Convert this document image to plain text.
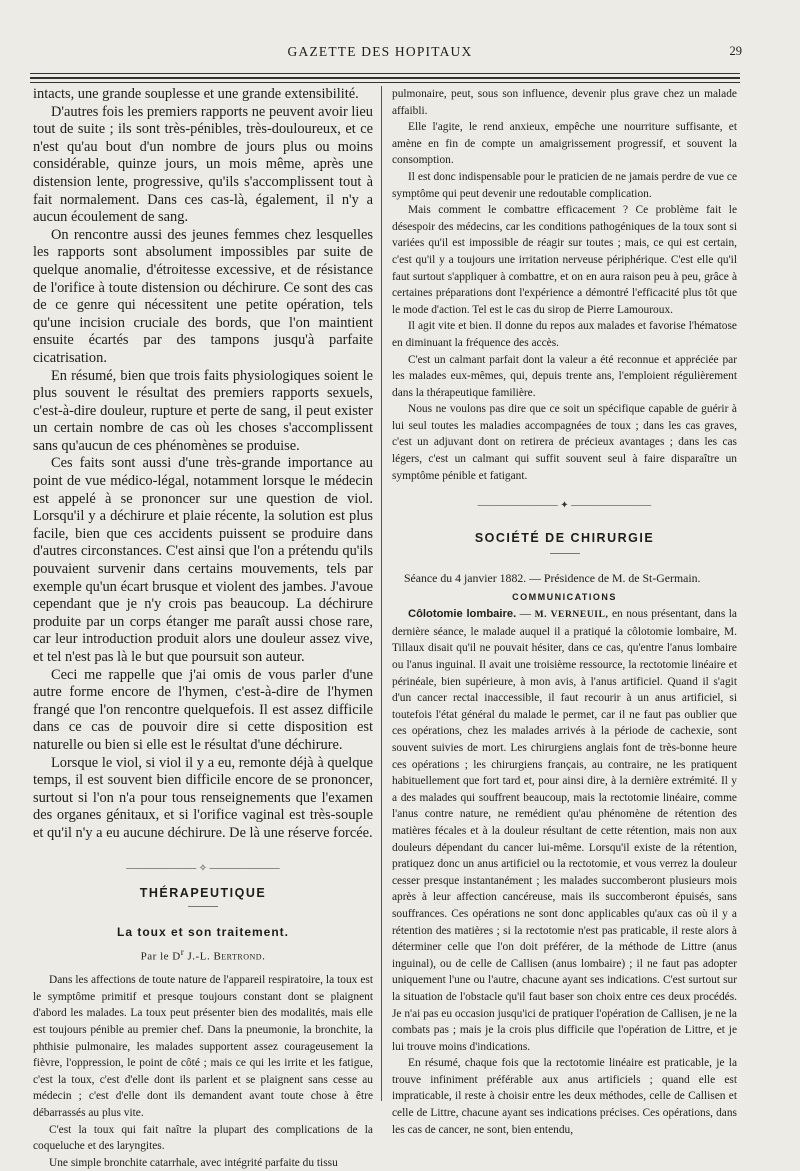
GAZETTE DES HOPITAUX	29

intacts, une grande souplesse et une grande extensibilité.

D'autres fois les premiers rapports ne peuvent avoir lieu tout de suite ; ils sont très-pénibles, très-douloureux, et ce n'est qu'au bout d'un nombre de jours plus ou moins considérable, quinze jours, un mois même, après une distension lente, progressive, qu'ils s'accomplissent tout à fait normalement. Dans ces cas-là, également, il n'y a aucun écoulement de sang.

On rencontre aussi des jeunes femmes chez lesquelles les rapports sont absolument impossibles par suite de quelque anomalie, d'étroitesse excessive, et de résistance de l'orifice à toute distension ou déchirure. Ce sont des cas de ce genre qui nécessitent une petite opération, tels qu'une incision cruciale des bords, que l'on maintient ensuite écartés par des tampons jusqu'à parfaite cicatrisation.

En résumé, bien que trois faits physiologiques soient le plus souvent le résultat des premiers rapports sexuels, c'est-à-dire douleur, rupture et perte de sang, il peut exister un certain nombre de cas où les choses s'accomplissent sans qu'aucun de ces phénomènes se produise.

Ces faits sont aussi d'une très-grande importance au point de vue médico-légal, notamment lorsque le médecin est appelé à se prononcer sur une question de viol. Lorsqu'il y a déchirure et plaie récente, la solution est plus facile, bien que ces accidents puissent se produire dans d'autres circonstances. C'est ainsi que l'on a prétendu qu'ils pouvaient survenir dans certains mouvements, tels par exemple qu'un écart brusque et violent des jambes. J'avoue cependant que je n'y crois pas beaucoup. La déchirure produite par un corps étanger me paraît aussi chose rare, car leur introduction produit alors une douleur assez vive, et tel n'est pas là le but que poursuit son auteur.

Ceci me rappelle que j'ai omis de vous parler d'une autre forme encore de l'hymen, c'est-à-dire de l'hymen frangé que l'on rencontre quelquefois. Il est assez difficile dans ce cas de pouvoir dire si cette disposition est naturelle ou bien si elle est le résultat d'une déchirure.

Lorsque le viol, si viol il y a eu, remonte déjà à quelque temps, il est souvent bien difficile encore de se prononcer, surtout si l'on n'a pour tous renseignements que l'examen des organes génitaux, et si l'orifice vaginal est très-souple et qu'il n'y a eu aucune déchirure. De là une réserve forcée.

——————— ✧ ———————
THÉRAPEUTIQUE
La toux et son traitement.
Par le $D^r$ J.-L. Bertrond.

Dans les affections de toute nature de l'appareil respiratoire, la toux est le symptôme primitif et presque toujours constant dont se plaignent d'abord les malades. La toux peut présenter bien des modalités, mais elle est toujours pénible au premier chef. Dans la pneumonie, la bronchite, la phthisie pulmonaire, les malades supportent assez courageusement la fièvre, l'oppression, le point de côté ; mais ce qui les irrite et les fatigue, c'est la toux, c'est d'elle dont ils parlent et se plaignent sans cesse au médecin ; c'est d'elle dont ils demandent avant toute chose à être débarrassés au plus vite.

C'est la toux qui fait naître la plupart des complications de la coqueluche et des laryngites.

Une simple bronchite catarrhale, avec intégrité parfaite du tissu

pulmonaire, peut, sous son influence, devenir plus grave chez un malade affaibli.

Elle l'agite, le rend anxieux, empêche une nourriture suffisante, et amène en fin de compte un amaigrissement progressif, et souvent la consomption.

Il est donc indispensable pour le praticien de ne jamais perdre de vue ce symptôme qui peut devenir une redoutable complication.

Mais comment le combattre efficacement ? Ce problème fait le désespoir des médecins, car les conditions pathogéniques de la toux sont si variées qu'il est impossible de réagir sur toutes ; mais, ce qui est certain, c'est qu'il y a toujours une irritation nerveuse périphérique. C'est elle qu'il faut surtout s'appliquer à combattre, et on en aura raison peu à peu, grâce à certaines préparations dont l'expérience a démontré l'efficacité plus tôt que le mode d'action. Tel est le cas du sirop de Pierre Lamouroux.

Il agit vite et bien. Il donne du repos aux malades et favorise l'hématose en diminuant la fréquence des accès.

C'est un calmant parfait dont la valeur a été reconnue et appréciée par les malades eux-mêmes, qui, depuis trente ans, l'emploient régulièrement dans la thérapeutique familière.

Nous ne voulons pas dire que ce soit un spécifique capable de guérir à lui seul toutes les maladies accompagnées de toux ; dans les cas graves, c'est un adjuvant dont on retirera de précieux avantages ; dans les cas légers, c'est un calmant qui suffit souvent seul à faire disparaître un symptôme pénible et fatigant.

———————— ✦ ————————
SOCIÉTÉ DE CHIRURGIE

Séance du 4 janvier 1882. — Présidence de M. de St-Germain.

COMMUNICATIONS

Côlotomie lombaire. — M. VERNEUIL, en nous présentant, dans la dernière séance, le malade auquel il a pratiqué la côlotomie lombaire, M. Tillaux disait qu'il ne pouvait hésiter, dans ce cas, qu'entre l'anus lombaire ou l'anus inguinal. Il avait une troisième ressource, la rectotomie linéaire et périnéale, bien supérieure, à mon avis, à l'anus artificiel. Quand il s'agit d'un cancer rectal inaccessible, il faut recourir à un anus artificiel, si toutefois l'état général du malade le permet, car il ne faut pas oublier que ces opérations, chez les malades arrivés à la période de cachexie, sont souvent suivies de mort. Les chirurgiens anglais font de très-bonne heure ces opérations ; les chirurgiens français, au contraire, ne les pratiquent habituellement que fort tard et, pour ainsi dire, à la dernière extrémité. Il y a des malades qui souffrent beaucoup, mais la rectotomie linéaire, comme l'anus contre nature, ne remédient qu'au phénomène de rétention des matières fécales et à la douleur résultant de cette rétention, mais non aux douleurs dépendant du cancer lui-même. Lorsqu'il existe de la rétention, pratiquez donc un anus artificiel ou la rectotomie, et vous verrez la douleur cesser presque instantanément ; les malades succomberont plusieurs mois après à leur affection cancéreuse, mais ils succomberont épuisés, sans souffrances. Ces opérations ne sont donc applicables qu'aux cas où il y a rétention des matières ; si la rectotomie n'est pas praticable, il reste alors à déterminer celle que l'on doit préférer, de la méthode de Littre (anus inguinal), ou de celle de Callisen (anus lombaire) ; il ne faut pas adopter uniquement l'une ou l'autre, chacune ayant ses indications. C'est surtout sur la situation de l'obstacle qu'il faut baser son choix entre ces deux procédés. Je n'ai pas eu occasion jusqu'ici de pratiquer l'opération de Callisen, je ne la combats pas ; mais je la crois plus difficile que l'opération de Littre, et je lui trouve moins d'indications.

En résumé, chaque fois que la rectotomie linéaire est praticable, je la trouve infiniment préférable aux anus artificiels ; quand elle est impraticable, il reste à choisir entre les deux méthodes, celle de Callisen et celle de Littre, chacune ayant ses indications précises. Ces opérations, dans les cas de cancer, ne sont, bien entendu,
